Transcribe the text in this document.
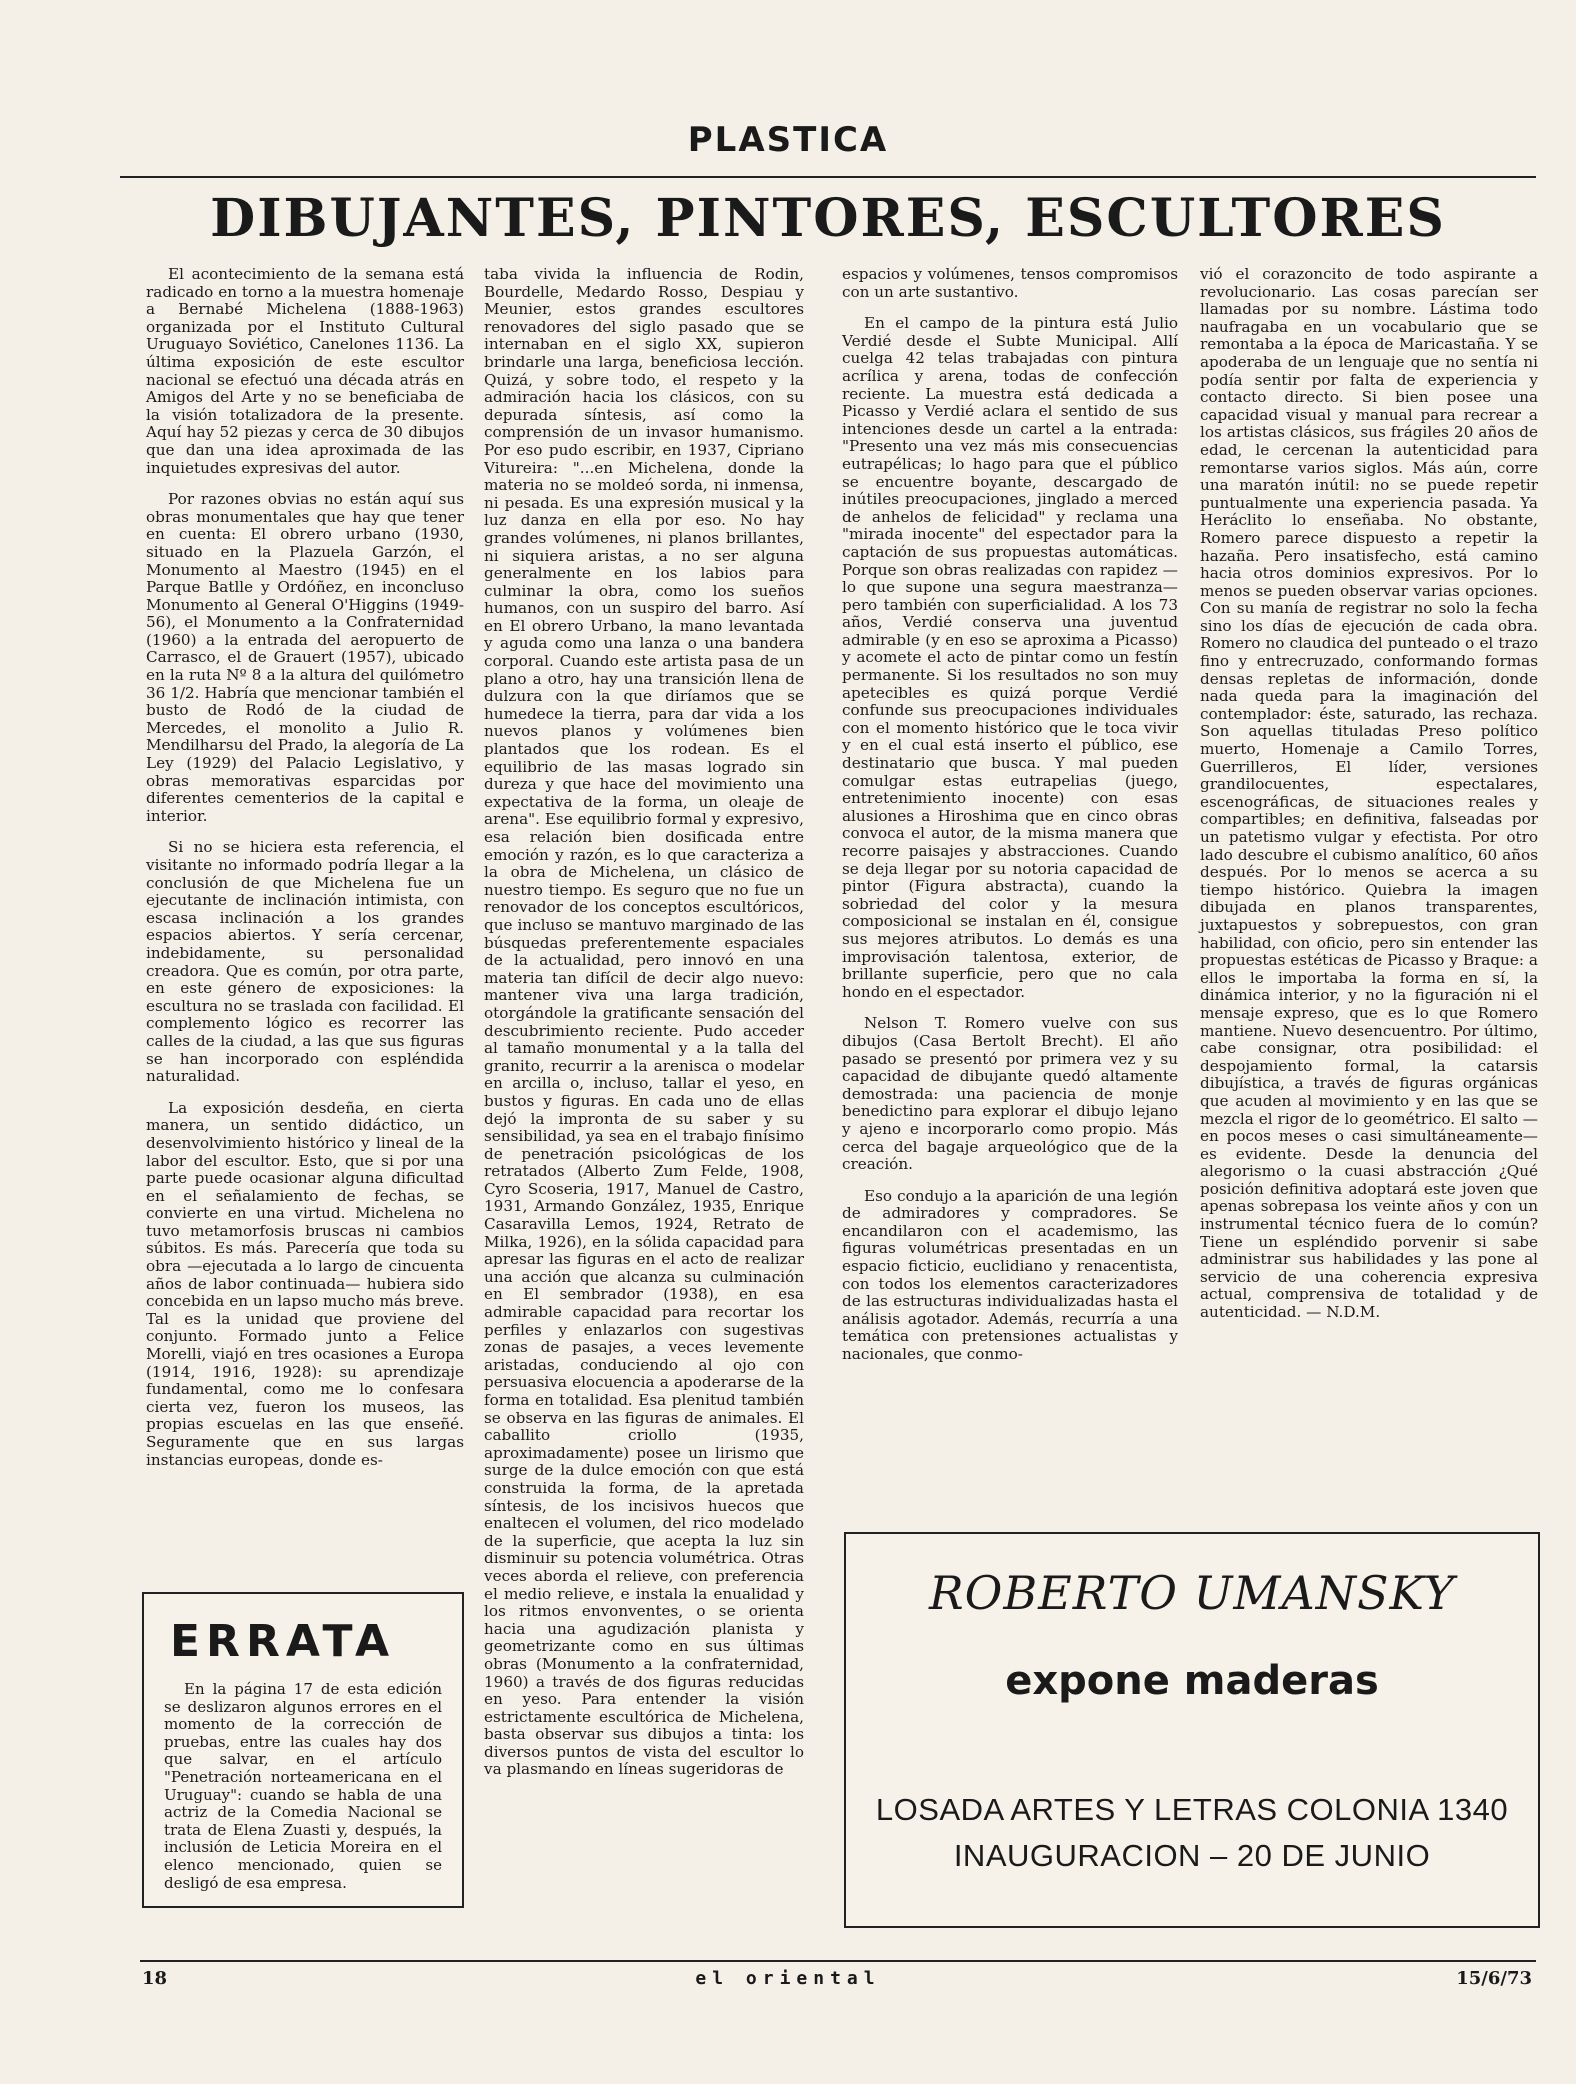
PLASTICA
DIBUJANTES, PINTORES, ESCULTORES

El acontecimiento de la semana está radicado en torno a la muestra homenaje a Bernabé Michelena (1888-1963) organizada por el Instituto Cultural Uruguayo Soviético, Canelones 1136. La última exposición de este escultor nacional se efectuó una década atrás en Amigos del Arte y no se beneficiaba de la visión totalizadora de la presente. Aquí hay 52 piezas y cerca de 30 dibujos que dan una idea aproximada de las inquietudes expresivas del autor.

Por razones obvias no están aquí sus obras monumentales que hay que tener en cuenta: El obrero urbano (1930, situado en la Plazuela Garzón, el Monumento al Maestro (1945) en el Parque Batlle y Ordóñez, en inconcluso Monumento al General O'Higgins (1949-56), el Monumento a la Confraternidad (1960) a la entrada del aeropuerto de Carrasco, el de Grauert (1957), ubicado en la ruta Nº 8 a la altura del quilómetro 36 1/2. Habría que mencionar también el busto de Rodó de la ciudad de Mercedes, el monolito a Julio R. Mendilharsu del Prado, la alegoría de La Ley (1929) del Palacio Legislativo, y obras memorativas esparcidas por diferentes cementerios de la capital e interior.

Si no se hiciera esta referencia, el visitante no informado podría llegar a la conclusión de que Michelena fue un ejecutante de inclinación intimista, con escasa inclinación a los grandes espacios abiertos. Y sería cercenar, indebidamente, su personalidad creadora. Que es común, por otra parte, en este género de exposiciones: la escultura no se traslada con facilidad. El complemento lógico es recorrer las calles de la ciudad, a las que sus figuras se han incorporado con espléndida naturalidad.

La exposición desdeña, en cierta manera, un sentido didáctico, un desenvolvimiento histórico y lineal de la labor del escultor. Esto, que si por una parte puede ocasionar alguna dificultad en el señalamiento de fechas, se convierte en una virtud. Michelena no tuvo metamorfosis bruscas ni cambios súbitos. Es más. Parecería que toda su obra —ejecutada a lo largo de cincuenta años de labor continuada— hubiera sido concebida en un lapso mucho más breve. Tal es la unidad que proviene del conjunto. Formado junto a Felice Morelli, viajó en tres ocasiones a Europa (1914, 1916, 1928): su aprendizaje fundamental, como me lo confesara cierta vez, fueron los museos, las propias escuelas en las que enseñé. Seguramente que en sus largas instancias europeas, donde es-

taba vivida la influencia de Rodin, Bourdelle, Medardo Rosso, Despiau y Meunier, estos grandes escultores renovadores del siglo pasado que se internaban en el siglo XX, supieron brindarle una larga, beneficiosa lección. Quizá, y sobre todo, el respeto y la admiración hacia los clásicos, con su depurada síntesis, así como la comprensión de un invasor humanismo. Por eso pudo escribir, en 1937, Cipriano Vitureira: "...en Michelena, donde la materia no se moldeó sorda, ni inmensa, ni pesada. Es una expresión musical y la luz danza en ella por eso. No hay grandes volúmenes, ni planos brillantes, ni siquiera aristas, a no ser alguna generalmente en los labios para culminar la obra, como los sueños humanos, con un suspiro del barro. Así en El obrero Urbano, la mano levantada y aguda como una lanza o una bandera corporal. Cuando este artista pasa de un plano a otro, hay una transición llena de dulzura con la que diríamos que se humedece la tierra, para dar vida a los nuevos planos y volúmenes bien plantados que los rodean. Es el equilibrio de las masas logrado sin dureza y que hace del movimiento una expectativa de la forma, un oleaje de arena". Ese equilibrio formal y expresivo, esa relación bien dosificada entre emoción y razón, es lo que caracteriza a la obra de Michelena, un clásico de nuestro tiempo. Es seguro que no fue un renovador de los conceptos escultóricos, que incluso se mantuvo marginado de las búsquedas preferentemente espaciales de la actualidad, pero innovó en una materia tan difícil de decir algo nuevo: mantener viva una larga tradición, otorgándole la gratificante sensación del descubrimiento reciente. Pudo acceder al tamaño monumental y a la talla del granito, recurrir a la arenisca o modelar en arcilla o, incluso, tallar el yeso, en bustos y figuras. En cada uno de ellas dejó la impronta de su saber y su sensibilidad, ya sea en el trabajo finísimo de penetración psicológicas de los retratados (Alberto Zum Felde, 1908, Cyro Scoseria, 1917, Manuel de Castro, 1931, Armando González, 1935, Enrique Casaravilla Lemos, 1924, Retrato de Milka, 1926), en la sólida capacidad para apresar las figuras en el acto de realizar una acción que alcanza su culminación en El sembrador (1938), en esa admirable capacidad para recortar los perfiles y enlazarlos con sugestivas zonas de pasajes, a veces levemente aristadas, conduciendo al ojo con persuasiva elocuencia a apoderarse de la forma en totalidad. Esa plenitud también se observa en las figuras de animales. El caballito criollo (1935, aproximadamente) posee un lirismo que surge de la dulce emoción con que está construida la forma, de la apretada síntesis, de los incisivos huecos que enaltecen el volumen, del rico modelado de la superficie, que acepta la luz sin disminuir su potencia volumétrica. Otras veces aborda el relieve, con preferencia el medio relieve, e instala la enualidad y los ritmos envonventes, o se orienta hacia una agudización planista y geometrizante como en sus últimas obras (Monumento a la confraternidad, 1960) a través de dos figuras reducidas en yeso. Para entender la visión estrictamente escultórica de Michelena, basta observar sus dibujos a tinta: los diversos puntos de vista del escultor lo va plasmando en líneas sugeridoras de

espacios y volúmenes, tensos compromisos con un arte sustantivo.

En el campo de la pintura está Julio Verdié desde el Subte Municipal. Allí cuelga 42 telas trabajadas con pintura acrílica y arena, todas de confección reciente. La muestra está dedicada a Picasso y Verdié aclara el sentido de sus intenciones desde un cartel a la entrada: "Presento una vez más mis consecuencias eutrapélicas; lo hago para que el público se encuentre boyante, descargado de inútiles preocupaciones, jinglado a merced de anhelos de felicidad" y reclama una "mirada inocente" del espectador para la captación de sus propuestas automáticas. Porque son obras realizadas con rapidez —lo que supone una segura maestranza— pero también con superficialidad. A los 73 años, Verdié conserva una juventud admirable (y en eso se aproxima a Picasso) y acomete el acto de pintar como un festín permanente. Si los resultados no son muy apetecibles es quizá porque Verdié confunde sus preocupaciones individuales con el momento histórico que le toca vivir y en el cual está inserto el público, ese destinatario que busca. Y mal pueden comulgar estas eutrapelias (juego, entretenimiento inocente) con esas alusiones a Hiroshima que en cinco obras convoca el autor, de la misma manera que recorre paisajes y abstracciones. Cuando se deja llegar por su notoria capacidad de pintor (Figura abstracta), cuando la sobriedad del color y la mesura composicional se instalan en él, consigue sus mejores atributos. Lo demás es una improvisación talentosa, exterior, de brillante superficie, pero que no cala hondo en el espectador.

Nelson T. Romero vuelve con sus dibujos (Casa Bertolt Brecht). El año pasado se presentó por primera vez y su capacidad de dibujante quedó altamente demostrada: una paciencia de monje benedictino para explorar el dibujo lejano y ajeno e incorporarlo como propio. Más cerca del bagaje arqueológico que de la creación.

Eso condujo a la aparición de una legión de admiradores y compradores. Se encandilaron con el academismo, las figuras volumétricas presentadas en un espacio ficticio, euclidiano y renacentista, con todos los elementos caracterizadores de las estructuras individualizadas hasta el análisis agotador. Además, recurría a una temática con pretensiones actualistas y nacionales, que conmo-

vió el corazoncito de todo aspirante a revolucionario. Las cosas parecían ser llamadas por su nombre. Lástima todo naufragaba en un vocabulario que se remontaba a la época de Maricastaña. Y se apoderaba de un lenguaje que no sentía ni podía sentir por falta de experiencia y contacto directo. Si bien posee una capacidad visual y manual para recrear a los artistas clásicos, sus frágiles 20 años de edad, le cercenan la autenticidad para remontarse varios siglos. Más aún, corre una maratón inútil: no se puede repetir puntualmente una experiencia pasada. Ya Heráclito lo enseñaba. No obstante, Romero parece dispuesto a repetir la hazaña. Pero insatisfecho, está camino hacia otros dominios expresivos. Por lo menos se pueden observar varias opciones. Con su manía de registrar no solo la fecha sino los días de ejecución de cada obra. Romero no claudica del punteado o el trazo fino y entrecruzado, conformando formas densas repletas de información, donde nada queda para la imaginación del contemplador: éste, saturado, las rechaza. Son aquellas tituladas Preso político muerto, Homenaje a Camilo Torres, Guerrilleros, El líder, versiones grandilocuentes, espectalares, escenográficas, de situaciones reales y compartibles; en definitiva, falseadas por un patetismo vulgar y efectista. Por otro lado descubre el cubismo analítico, 60 años después. Por lo menos se acerca a su tiempo histórico. Quiebra la imagen dibujada en planos transparentes, juxtapuestos y sobrepuestos, con gran habilidad, con oficio, pero sin entender las propuestas estéticas de Picasso y Braque: a ellos le importaba la forma en sí, la dinámica interior, y no la figuración ni el mensaje expreso, que es lo que Romero mantiene. Nuevo desencuentro. Por último, cabe consignar, otra posibilidad: el despojamiento formal, la catarsis dibujística, a través de figuras orgánicas que acuden al movimiento y en las que se mezcla el rigor de lo geométrico. El salto —en pocos meses o casi simultáneamente— es evidente. Desde la denuncia del alegorismo o la cuasi abstracción ¿Qué posición definitiva adoptará este joven que apenas sobrepasa los veinte años y con un instrumental técnico fuera de lo común? Tiene un espléndido porvenir si sabe administrar sus habilidades y las pone al servicio de una coherencia expresiva actual, comprensiva de totalidad y de autenticidad. — N.D.M.

ERRATA
En la página 17 de esta edición se deslizaron algunos errores en el momento de la corrección de pruebas, entre las cuales hay dos que salvar, en el artículo "Penetración norteamericana en el Uruguay": cuando se habla de una actriz de la Comedia Nacional se trata de Elena Zuasti y, después, la inclusión de Leticia Moreira en el elenco mencionado, quien se desligó de esa empresa.
ROBERTO UMANSKY
expone maderas
LOSADA ARTES Y LETRAS COLONIA 1340
INAUGURACION – 20 DE JUNIO
18	el oriental	15/6/73
